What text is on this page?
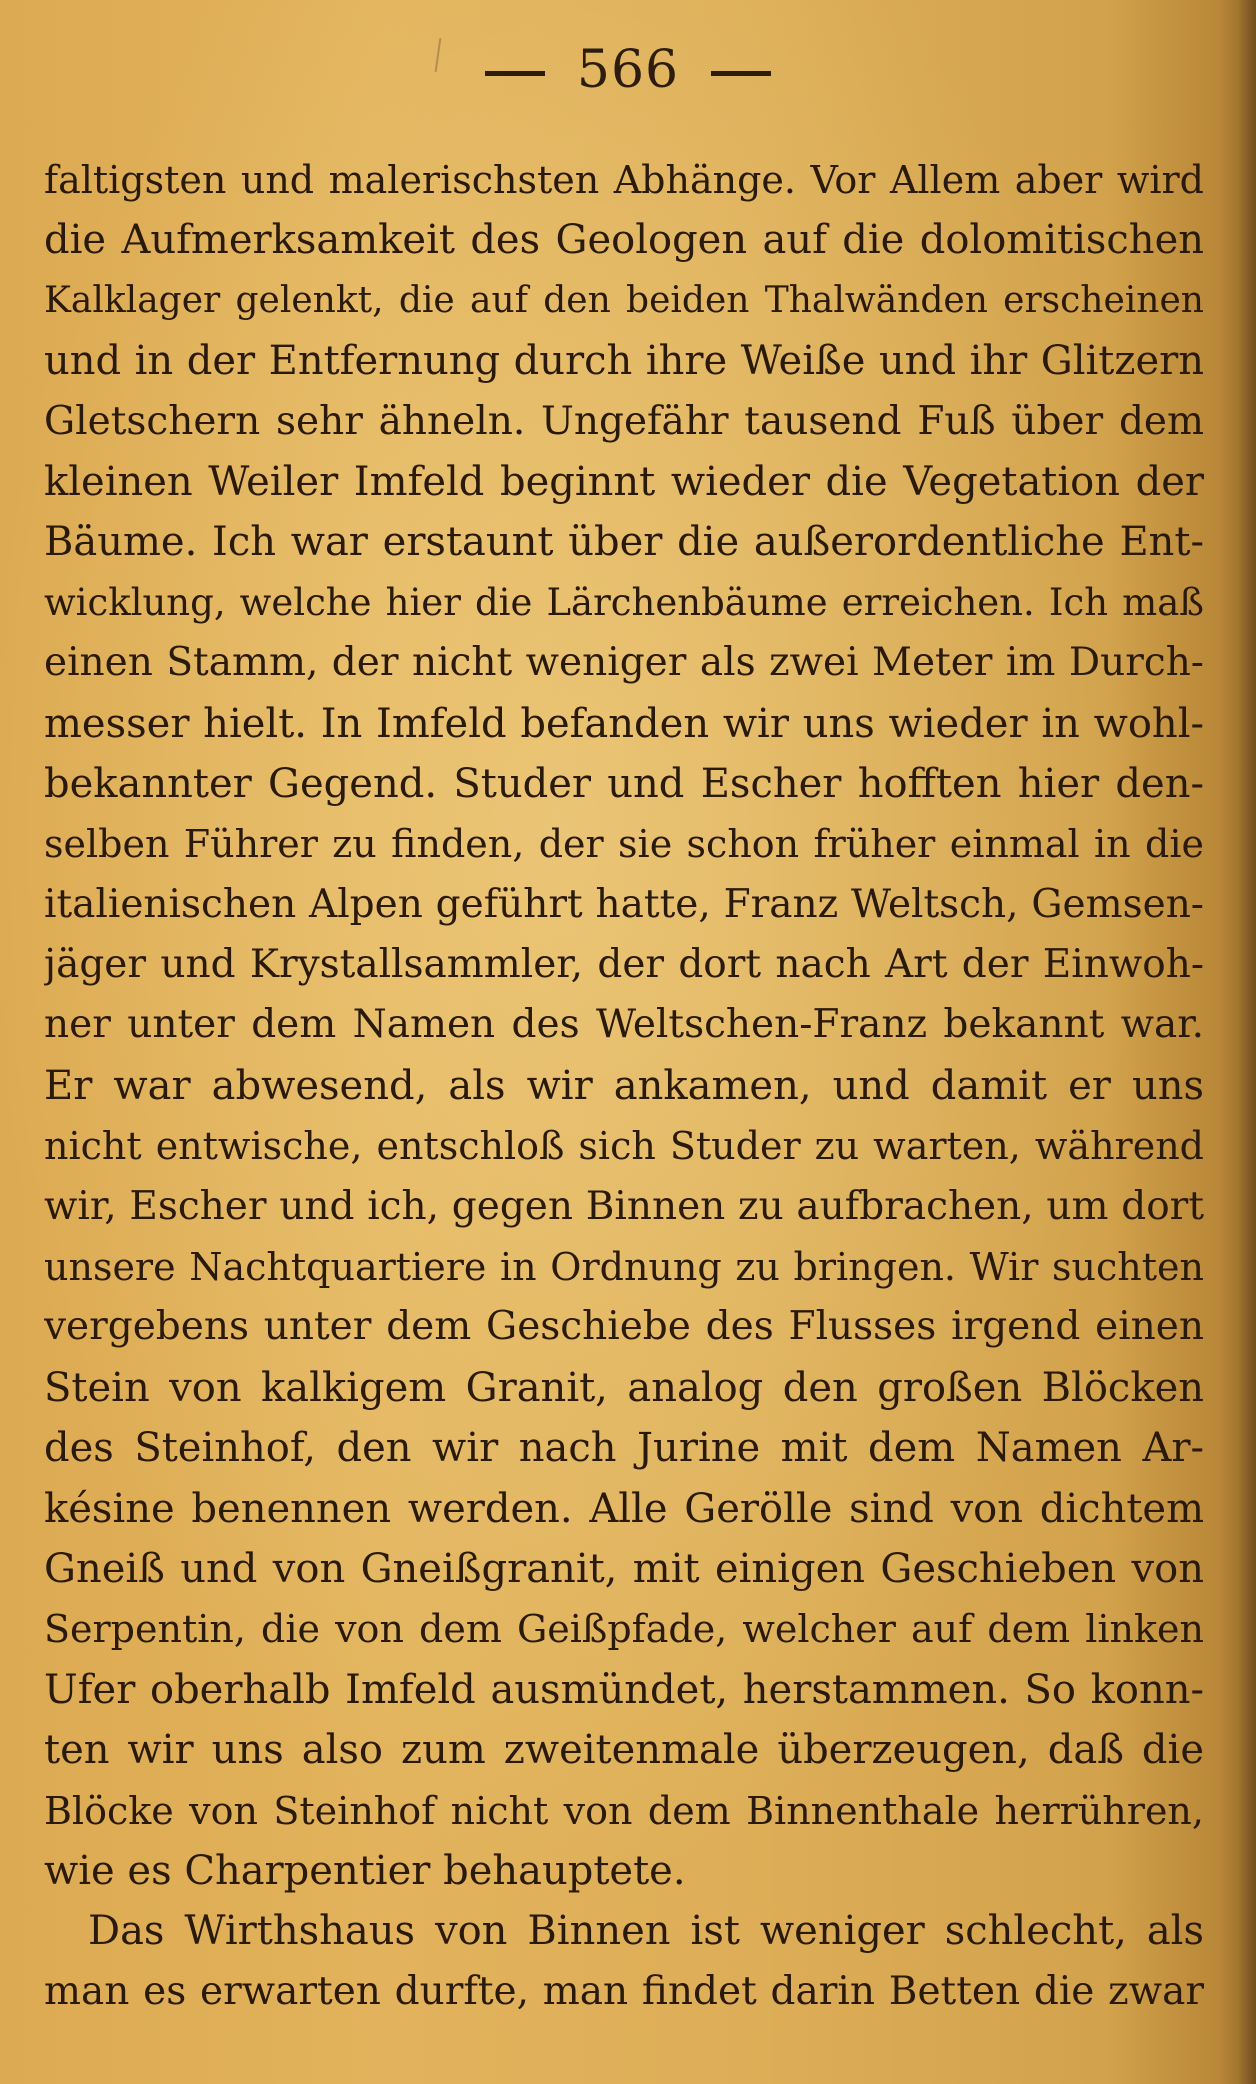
566
faltigsten und malerischsten Abhänge. Vor Allem aber wird
die Aufmerksamkeit des Geologen auf die dolomitischen
Kalklager gelenkt, die auf den beiden Thalwänden erscheinen
und in der Entfernung durch ihre Weiße und ihr Glitzern
Gletschern sehr ähneln. Ungefähr tausend Fuß über dem
kleinen Weiler Imfeld beginnt wieder die Vegetation der
Bäume. Ich war erstaunt über die außerordentliche Ent-
wicklung, welche hier die Lärchenbäume erreichen. Ich maß
einen Stamm, der nicht weniger als zwei Meter im Durch-
messer hielt. In Imfeld befanden wir uns wieder in wohl-
bekannter Gegend. Studer und Escher hofften hier den-
selben Führer zu finden, der sie schon früher einmal in die
italienischen Alpen geführt hatte, Franz Weltsch, Gemsen-
jäger und Krystallsammler, der dort nach Art der Einwoh-
ner unter dem Namen des Weltschen-Franz bekannt war.
Er war abwesend, als wir ankamen, und damit er uns
nicht entwische, entschloß sich Studer zu warten, während
wir, Escher und ich, gegen Binnen zu aufbrachen, um dort
unsere Nachtquartiere in Ordnung zu bringen. Wir suchten
vergebens unter dem Geschiebe des Flusses irgend einen
Stein von kalkigem Granit, analog den großen Blöcken
des Steinhof, den wir nach Jurine mit dem Namen Ar-
késine benennen werden. Alle Gerölle sind von dichtem
Gneiß und von Gneißgranit, mit einigen Geschieben von
Serpentin, die von dem Geißpfade, welcher auf dem linken
Ufer oberhalb Imfeld ausmündet, herstammen. So konn-
ten wir uns also zum zweitenmale überzeugen, daß die
Blöcke von Steinhof nicht von dem Binnenthale herrühren,
wie es Charpentier behauptete.
Das Wirthshaus von Binnen ist weniger schlecht, als
man es erwarten durfte, man findet darin Betten die zwar
